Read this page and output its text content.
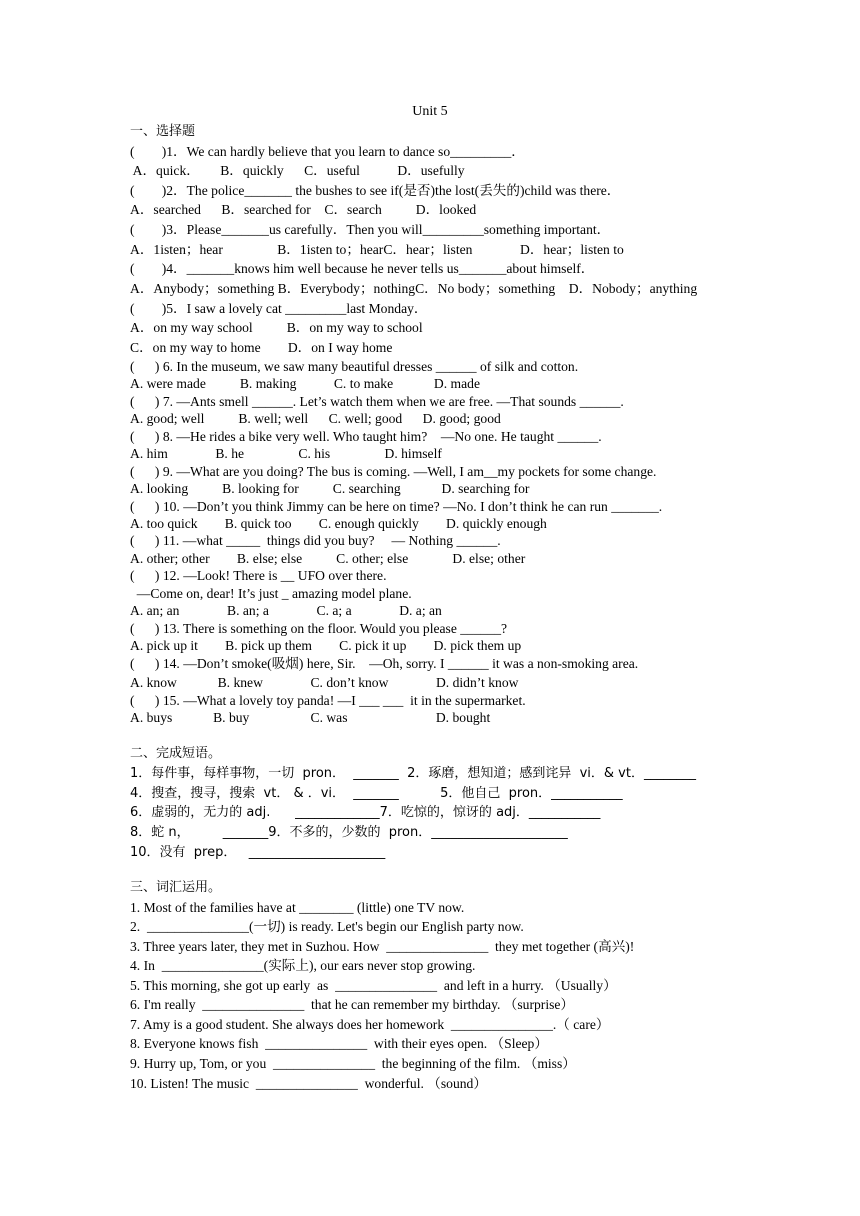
Unit 5
一、选择题
(        )1．We can hardly believe that you learn to dance so_________．
A．quick．      B．quickly      C．useful           D．usefully
(        )2．The police_______ the bushes to see if(是否)the lost(丢失的)child was there．
A．searched      B．searched for    C．search          D．looked
(        )3．Please_______us carefully．Then you will_________something important．
A．1isten；hear                B．1isten to；hearC．hear；listen              D．hear；listen to
(        )4．_______knows him well because he never tells us_______about himself．
A．Anybody；something B．Everybody；nothingC．No body；something    D．Nobody；anything
(        )5．I saw a lovely cat _________last Monday．
A．on my way school          B．on my way to school
C．on my way to home        D．on I way home
(      ) 6. In the museum, we saw many beautiful dresses ______ of silk and cotton.
A. were made          B. making           C. to make            D. made
(      ) 7. —Ants smell ______. Let’s watch them when we are free. —That sounds ______.
A. good; well          B. well; well      C. well; good      D. good; good
(      ) 8. —He rides a bike very well. Who taught him?    —No one. He taught ______.
A. him              B. he                C. his                D. himself
(      ) 9. —What are you doing? The bus is coming. —Well, I am__my pockets for some change.
A. looking          B. looking for          C. searching            D. searching for
(      ) 10. —Don’t you think Jimmy can be here on time? —No. I don’t think he can run _______.
A. too quick        B. quick too        C. enough quickly        D. quickly enough
(      ) 11. —what _____  things did you buy?     — Nothing ______.
A. other; other        B. else; else          C. other; else             D. else; other
(      ) 12. —Look! There is __ UFO over there.
—Come on, dear! It’s just _ amazing model plane.
A. an; an              B. an; a              C. a; a              D. a; an
(      ) 13. There is something on the floor. Would you please ______?
A. pick up it        B. pick up them        C. pick it up        D. pick them up
(      ) 14. —Don’t smoke(吸烟) here, Sir.    —Oh, sorry. I ______ it was a non-smoking area.
A. know            B. knew              C. don’t know              D. didn’t know
(      ) 15. —What a lovely toy panda! —I ___ ___  it in the supermarket.
A. buys            B. buy                  C. was                          D. bought
二、完成短语。
1．每件事，每样事物，一切  pron．  _______  2．琢磨，想知道；感到诧异  vi．& vt．________
4．搜查，搜寻，搜索  vt． & ．vi．  _______          5．他自己  pron．___________
6．虚弱的，无力的 adj.      _____________7．吃惊的，惊讶的 adj．___________
8．蛇 n，        _______9．不多的，少数的  pron．_____________________
10．没有  prep．   _____________________
三、词汇运用。
1. Most of the families have at ________ (little) one TV now.
2.  _______________(一切) is ready. Let's begin our English party now.
3. Three years later, they met in Suzhou. How  _______________  they met together (高兴)!
4. In  _______________(实际上), our ears never stop growing.
5. This morning, she got up early  as  _______________  and left in a hurry. （Usually）
6. I'm really  _______________  that he can remember my birthday. （surprise）
7. Amy is a good student. She always does her homework  _______________.（ care）
8. Everyone knows fish  _______________  with their eyes open. （Sleep）
9. Hurry up, Tom, or you  _______________  the beginning of the film. （miss）
10. Listen! The music  _______________  wonderful. （sound）
